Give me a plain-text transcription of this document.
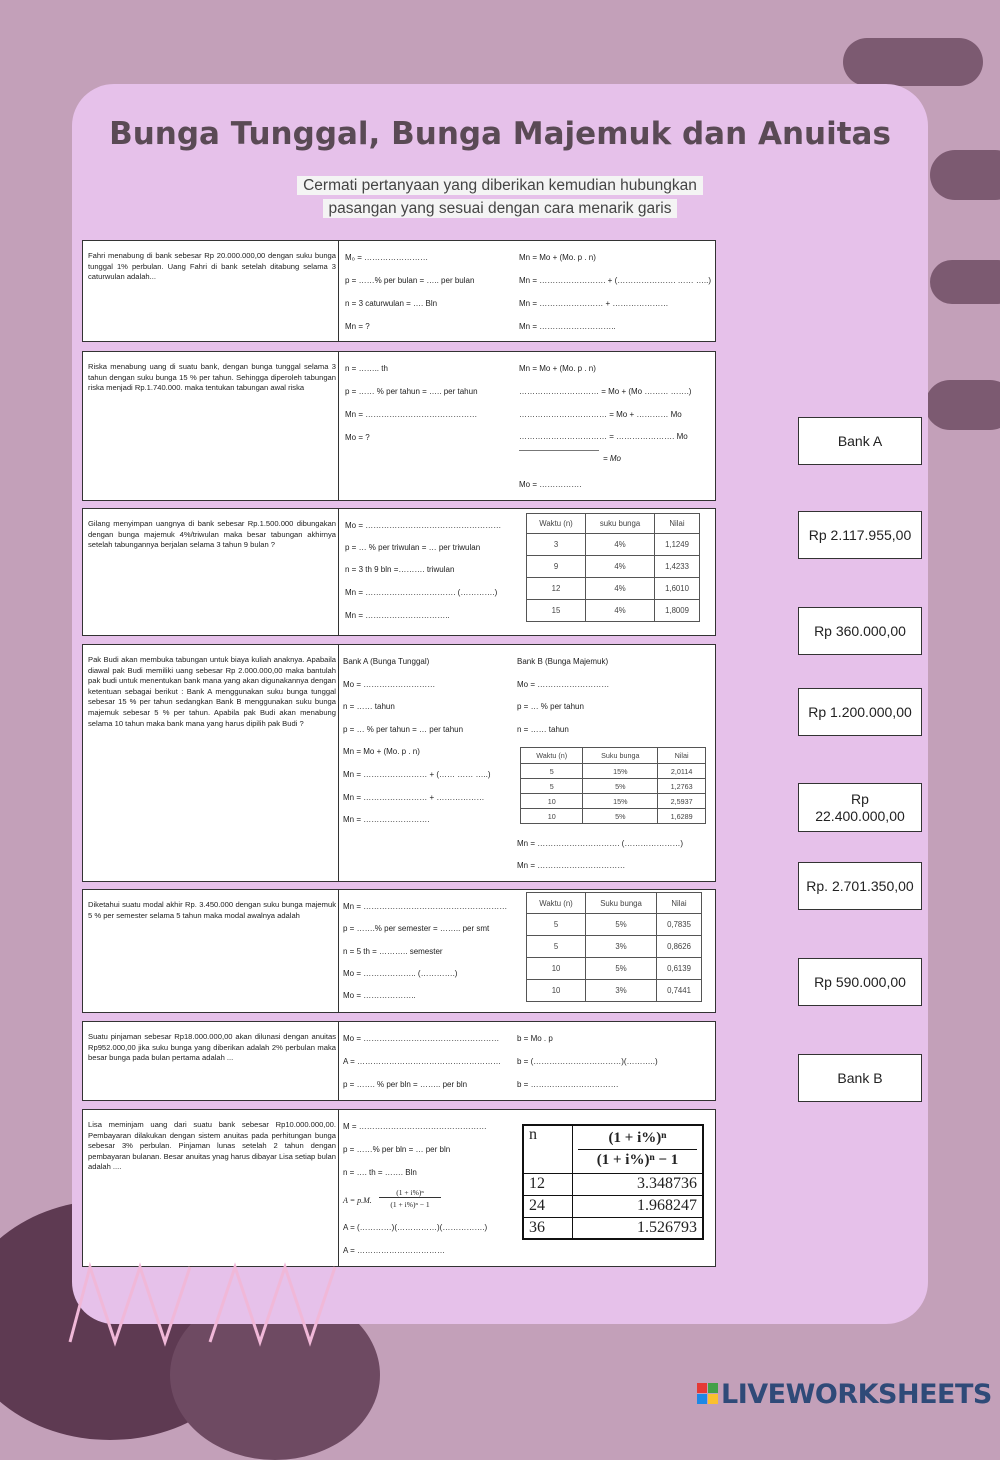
Bunga Tunggal, Bunga Majemuk dan Anuitas
Cermati pertanyaan yang diberikan kemudian hubungkan
pasangan yang sesuai dengan cara menarik garis
Fahri menabung di bank sebesar Rp 20.000.000,00 dengan suku bunga tunggal 1% perbulan. Uang Fahri di bank setelah ditabung selama 3 caturwulan adalah...
M₀ = ……………………
p = ……% per bulan = ….. per bulan
n = 3 caturwulan = …. Bln
Mn = ?
Mn = Mo + (Mo. p . n)
Mn = ……………………. + (…………………. …… …..)
Mn = …………………… + …………………
Mn = ………………………..
Riska menabung uang di suatu bank, dengan bunga tunggal selama 3 tahun dengan suku bunga 15 % per tahun. Sehingga diperoleh tabungan riska menjadi Rp.1.740.000. maka tentukan tabungan awal riska
n = …….. th
p = …… % per tahun = ….. per tahun
Mn = ……………………………………
Mo = ?
Mn = Mo + (Mo. p . n)
………………………… = Mo + (Mo ……… …….)
…………………………… = Mo + ………… Mo
…………………………… = …………………. Mo
= Mo
Mo = …………….
Gilang menyimpan uangnya di bank sebesar Rp.1.500.000 dibungakan dengan bunga majemuk 4%/triwulan maka besar tabungan akhirnya setelah tabungannya berjalan selama 3 tahun 9 bulan ?
Mo = ……………………………………………
p = … % per triwulan = … per triwulan
n = 3 th 9 bln =………. triwulan
Mn = ……………………………. (………….)
Mn = …………………………..
Waktu (n)	suku bunga	Nilai
3	4%	1,1249
9	4%	1,4233
12	4%	1,6010
15	4%	1,8009
Pak Budi akan membuka tabungan untuk biaya kuliah anaknya. Apabaila diawal pak Budi memiliki uang sebesar Rp 2.000.000,00 maka bantulah pak budi untuk menentukan bank mana yang akan digunakannya dengan ketentuan sebagai berikut : Bank A menggunakan suku bunga tunggal sebesar 15 % per tahun sedangkan Bank B menggunakan suku bunga majemuk sebesar 5 % per tahun. Apabila pak Budi akan menabung selama 10 tahun maka bank mana yang harus dipilih pak Budi ?
Bank A (Bunga Tunggal)
Mo = ………………………
n = …… tahun
p = … % per tahun = … per tahun
Mn = Mo + (Mo. p . n)
Mn = …………………… + (…… …… …..)
Mn = …………………… + ………………
Mn = …………………….
Bank B (Bunga Majemuk)
Mo = ………………………
p = … % per tahun
n = …… tahun
Waktu (n)	Suku bunga	Nilai
5	15%	2,0114
5	5%	1,2763
10	15%	2,5937
10	5%	1,6289
Mn = …………………………. (…………………)
Mn = ……………………………
Diketahui suatu modal akhir Rp. 3.450.000 dengan suku bunga majemuk 5 % per semester selama 5 tahun maka modal awalnya adalah
Mn = ………………………………………………
p = …….% per semester = …….. per smt
n = 5 th = ……….. semester
Mo = ……………….. (………….)
Mo = ………………..
Waktu (n)	Suku bunga	Nilai
5	5%	0,7835
5	3%	0,8626
10	5%	0,6139
10	3%	0,7441
Suatu pinjaman sebesar Rp18.000.000,00 akan dilunasi dengan anuitas Rp952.000,00 jika suku bunga yang diberikan adalah 2% perbulan maka besar bunga pada bulan pertama adalah ...
Mo = ……………………………………………
A = ………………………………………………
p = ……. % per bln = …….. per bln
b = Mo . p
b = (……………………………)(………..)
b = ……………………………
Lisa meminjam uang dari suatu bank sebesar Rp10.000.000,00. Pembayaran dilakukan dengan sistem anuitas pada perhitungan bunga sebesar 3% perbulan. Pinjaman lunas setelah 2 tahun dengan pembayaran bulanan. Besar anuitas ynag harus dibayar Lisa setiap bulan adalah ....
M = …………………………………………
p = ……% per bln = … per bln
n = …. th = ……. Bln
A = p.M.
(1 + i%)ⁿ
(1 + i%)ⁿ − 1
A = (…………)(……………)(…………….)
A = ……………………………
n	(1 + i%)ⁿ
(1 + i%)ⁿ − 1

12	3.348736
24	1.968247
36	1.526793
Bank A
Rp 2.117.955,00
Rp 360.000,00
Rp 1.200.000,00
Rp 22.400.000,00
Rp. 2.701.350,00
Rp 590.000,00
Bank B
LIVEWORKSHEETS
